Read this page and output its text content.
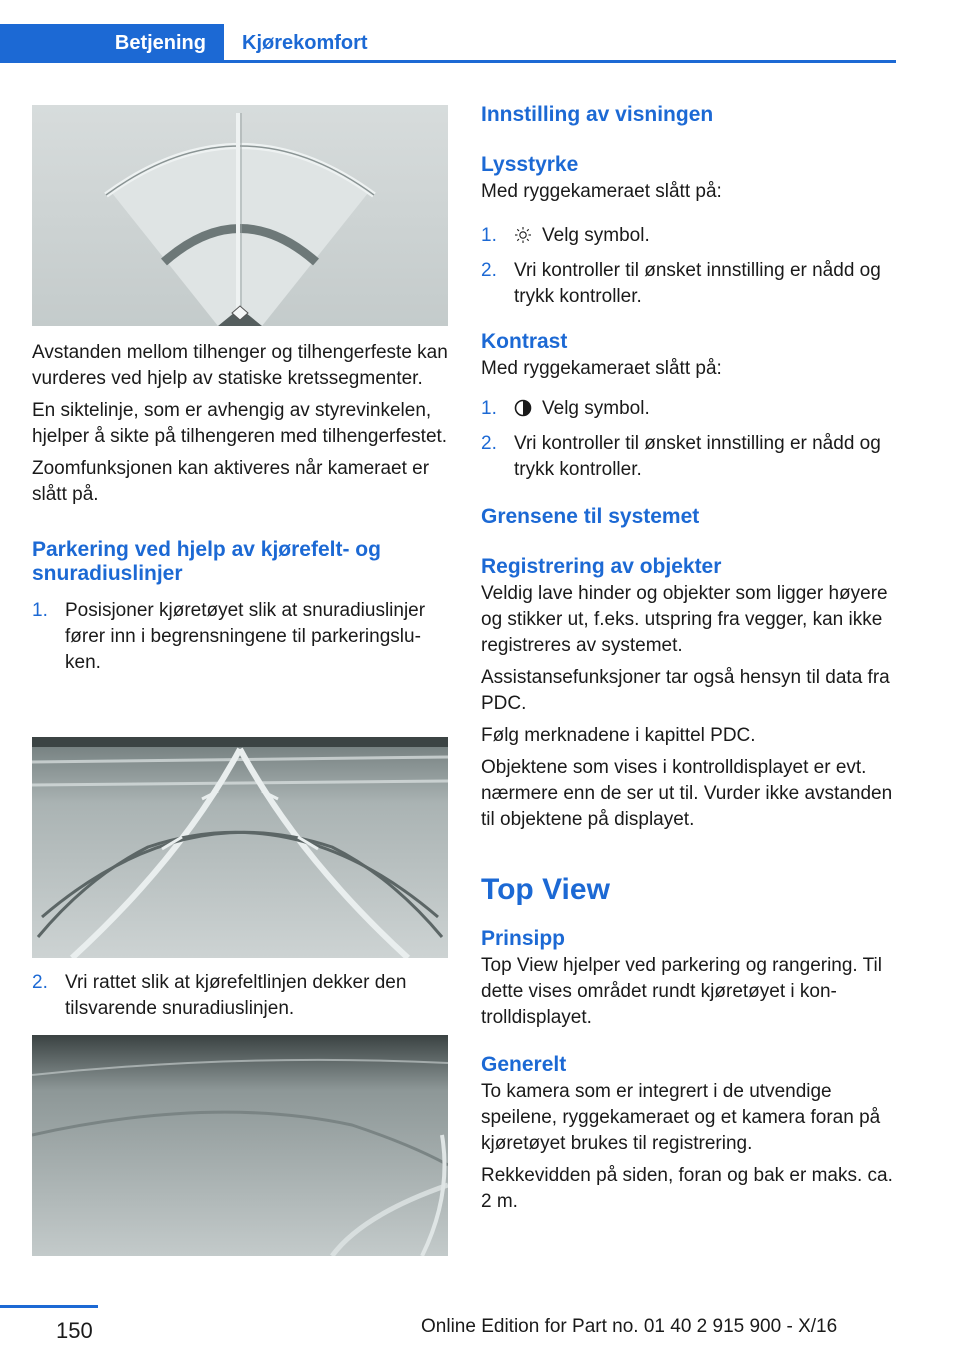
Betjening	Kjørekomfort

Avstanden mellom tilhenger og tilhengerfeste kan vurderes ved hjelp av statiske kretssegmenter.

En siktelinje, som er avhengig av styrevinkelen, hjelper å sikte på tilhengeren med tilhengerfestet.

Zoomfunksjonen kan aktiveres når kameraet er slått på.

Parkering ved hjelp av kjørefelt- og snuradiuslinjer

1. Posisjoner kjøretøyet slik at snuradiuslinjer fører inn i begrensningene til parkeringsluken.
2. Vri rattet slik at kjørefeltlinjen dekker den tilsvarende snuradiuslinjen.

Innstilling av visningen

Lysstyrke

Med ryggekameraet slått på:

1. Velg symbol.
2. Vri kontroller til ønsket innstilling er nådd og trykk kontroller.

Kontrast

Med ryggekameraet slått på:

1. Velg symbol.
2. Vri kontroller til ønsket innstilling er nådd og trykk kontroller.

Grensene til systemet

Registrering av objekter

Veldig lave hinder og objekter som ligger høyere og stikker ut, f.eks. utspring fra vegger, kan ikke registreres av systemet.

Assistansefunksjoner tar også hensyn til data fra PDC.

Følg merknadene i kapittel PDC.

Objektene som vises i kontrolldisplayet er evt. nærmere enn de ser ut til. Vurder ikke avstanden til objektene på displayet.

Top View

Prinsipp

Top View hjelper ved parkering og rangering. Til dette vises området rundt kjøretøyet i kontrolldisplayet.

Generelt

To kamera som er integrert i de utvendige speilene, ryggekameraet og et kamera foran på kjøretøyet brukes til registrering.

Rekkevidden på siden, foran og bak er maks. ca. 2 m.

150	Online Edition for Part no. 01 40 2 915 900 - X/16
